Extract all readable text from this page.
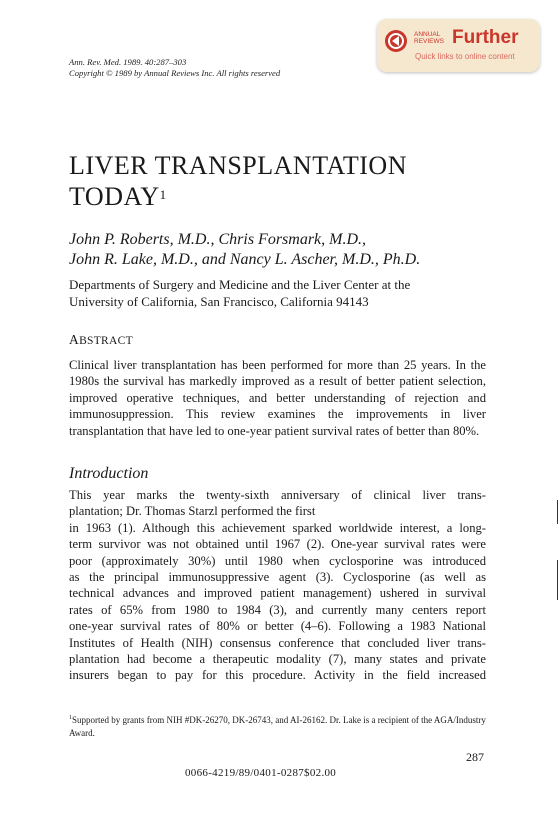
Ann. Rev. Med. 1989. 40:287–303
Copyright © 1989 by Annual Reviews Inc. All rights reserved
ANNUAL
REVIEWS Further
Quick links to online content
LIVER TRANSPLANTATION
TODAY$^1$
John P. Roberts, M.D., Chris Forsmark, M.D.,
John R. Lake, M.D., and Nancy L. Ascher, M.D., Ph.D.
Departments of Surgery and Medicine and the Liver Center at the
University of California, San Francisco, California 94143
ABSTRACT
Clinical liver transplantation has been performed for more than 25 years. In the 1980s the survival has markedly improved as a result of better patient selection, improved operative techniques, and better understanding of rejection and immunosuppression. This review examines the improvements in liver transplantation that have led to one-year patient survival rates of better than 80%.
Introduction
This year marks the twenty-sixth anniversary of clinical liver trans-
plantation; Dr. Thomas Starzl performed the first
in 1963 (1). Although this achievement sparked worldwide interest, a long-
term survivor was not obtained until 1967 (2). One-year survival rates were
poor (approximately 30%) until 1980 when cyclosporine was introduced
as the principal immunosuppressive agent (3). Cyclosporine (as well as
technical advances and improved patient management) ushered in survival
rates of 65% from 1980 to 1984 (3), and currently many centers report
one-year survival rates of 80% or better (4–6). Following a 1983 National
Institutes of Health (NIH) consensus conference that concluded liver trans-
plantation had become a therapeutic modality (7), many states and private
insurers began to pay for this procedure. Activity in the field increased
$^1$Supported by grants from NIH #DK-26270, DK-26743, and AI-26162. Dr. Lake is a recipient of the AGA/Industry Award.
287
0066-4219/89/0401-0287$02.00
